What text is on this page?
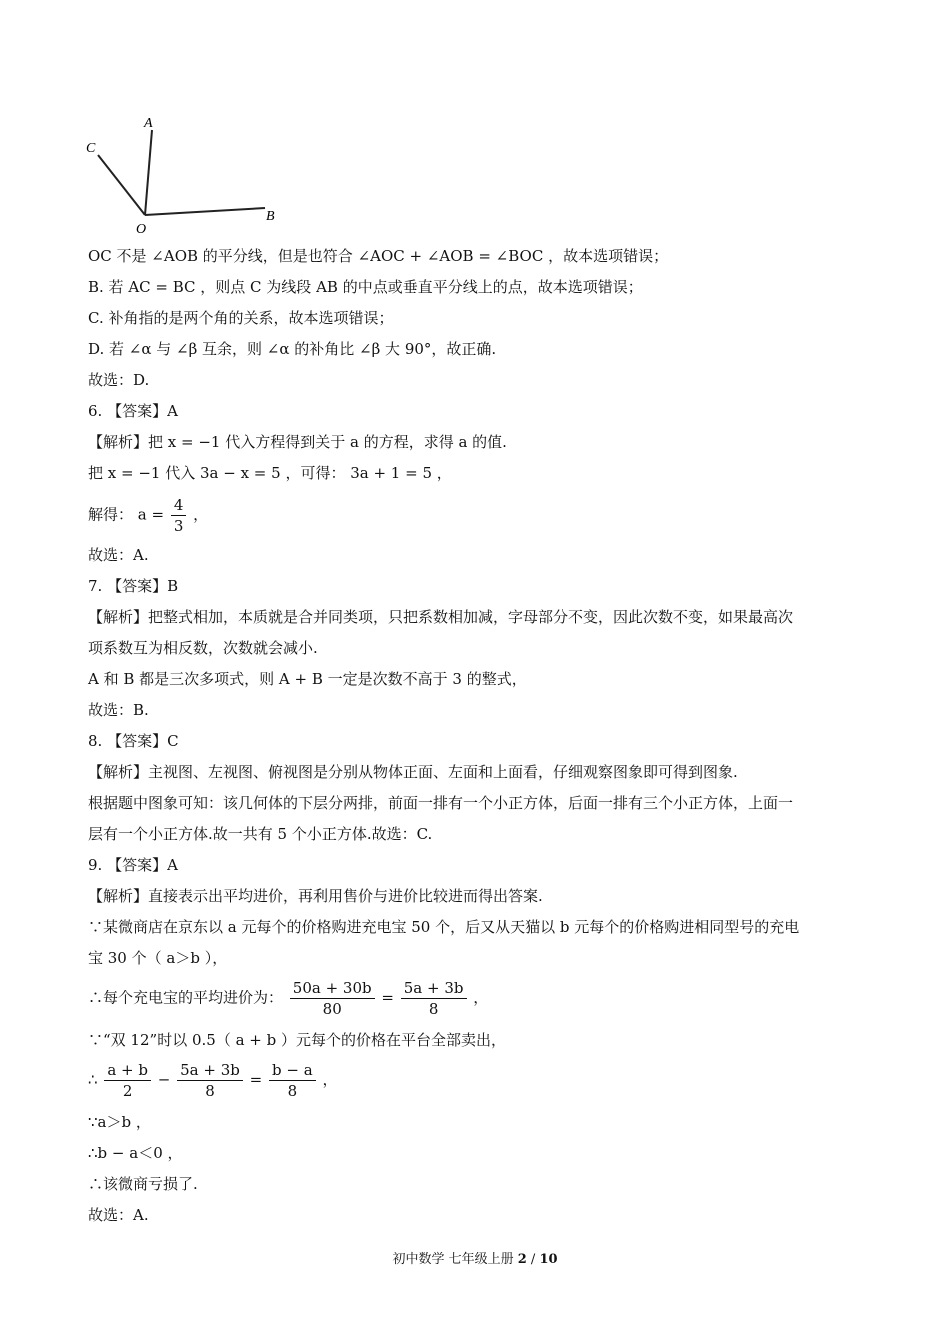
A
C
O
B
OC 不是 ∠AOB 的平分线，但是也符合 ∠AOC + ∠AOB = ∠BOC ，故本选项错误；
B. 若 AC = BC ，则点 C 为线段 AB 的中点或垂直平分线上的点，故本选项错误；
C. 补角指的是两个角的关系，故本选项错误；
D. 若 ∠α 与 ∠β 互余，则 ∠α 的补角比 ∠β 大 90°，故正确.
故选：D.
6. 【答案】A
【解析】把 x = −1 代入方程得到关于 a 的方程，求得 a 的值.
把 x = −1 代入 3a − x = 5 ，可得： 3a + 1 = 5 ，
解得： $a = \frac{4}{3}$ ，
故选：A.
7. 【答案】B
【解析】把整式相加，本质就是合并同类项，只把系数相加减，字母部分不变，因此次数不变，如果最高次
项系数互为相反数，次数就会减小.
A 和 B 都是三次多项式，则 A + B 一定是次数不高于 3 的整式，
故选：B.
8. 【答案】C
【解析】主视图、左视图、俯视图是分别从物体正面、左面和上面看，仔细观察图象即可得到图象.
根据题中图象可知：该几何体的下层分两排，前面一排有一个小正方体，后面一排有三个小正方体，上面一
层有一个小正方体.故一共有 5 个小正方体.故选：C.
9. 【答案】A
【解析】直接表示出平均进价，再利用售价与进价比较进而得出答案.
∵某微商店在京东以 a 元每个的价格购进充电宝 50 个，后又从天猫以 b 元每个的价格购进相同型号的充电
宝 30 个（ a＞b ），
∴每个充电宝的平均进价为： $\frac{50a + 30b}{80} = \frac{5a + 3b}{8}$ ，
∵“双 12”时以 0.5（ a + b ）元每个的价格在平台全部卖出，
∴ $\frac{a + b}{2} - \frac{5a + 3b}{8} = \frac{b - a}{8}$ ，
∵a＞b ，
∴b − a＜0 ，
∴该微商亏损了.
故选：A.
初中数学 七年级上册 2 / 10
